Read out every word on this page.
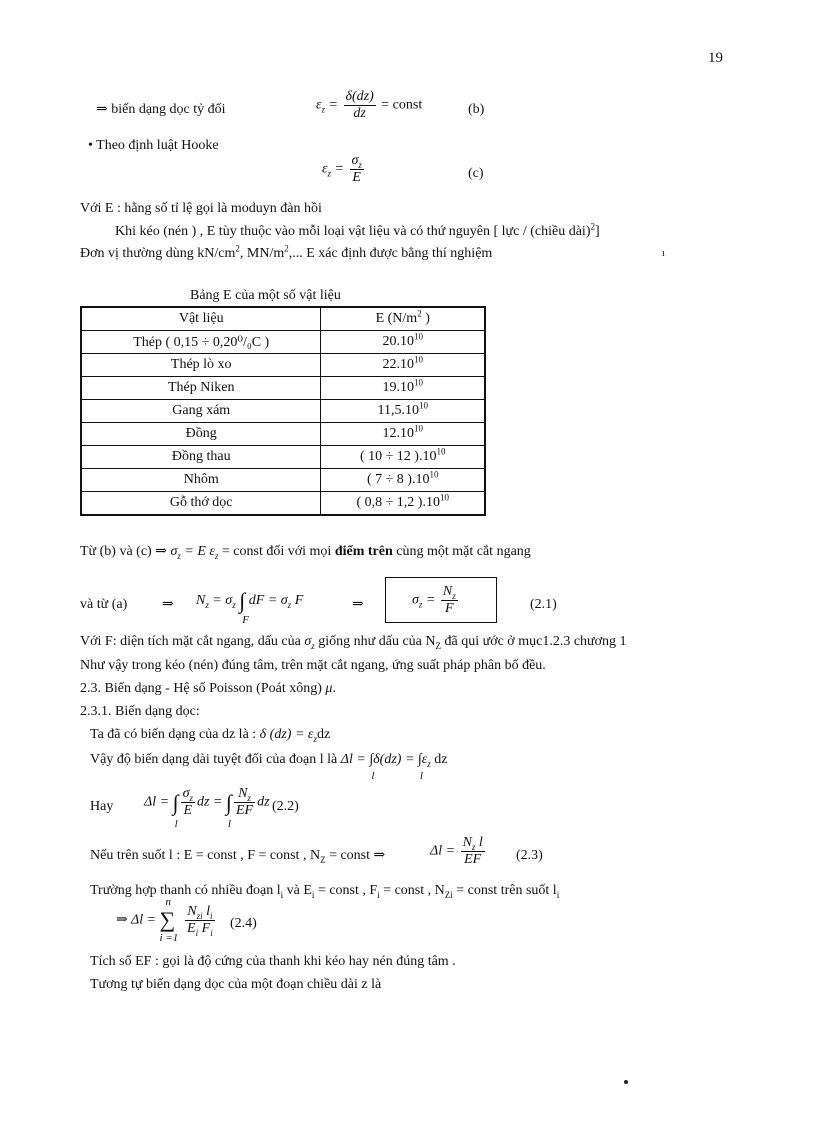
19
⇒ biến dạng dọc tỷ đối	$\varepsilon_z = \frac{\delta(dz)}{dz}$ = const	(b)
• Theo định luật Hooke
$\varepsilon_z = \frac{\sigma_z}{E}$	(c)
Với E : hằng số tỉ lệ gọi là moduyn đàn hồi
Khi kéo (nén ) , E tùy thuộc vào mỗi loại vật liệu và có thứ nguyên [ lực / (chiều dài)$^2$]
Đơn vị thường dùng $kN/cm^2$, $MN/m^2$,... E xác định được bằng thí nghiệm	ı
Bảng E của một số vật liệu
Vật liệu	E ($N/m^2$ )
Thép ( 0,15 ÷ 0,20⁰/₀C )	20.10$^{10}$
Thép lò xo	22.10$^{10}$
Thép Niken	19.10$^{10}$
Gang xám	11,5.10$^{10}$
Đồng	12.10$^{10}$
Đồng thau	( 10 ÷ 12 )$.10^{10}$
Nhôm	( 7 ÷ 8 )$.10^{10}$
Gỗ thớ dọc	( 0,8 ÷ 1,2 )$.10^{10}$
Từ (b) và (c) ⇒ $\sigma_z = E$ $\varepsilon_z$ = const đối với mọi điểm trên cùng một mặt cắt ngang
và từ (a) ⇒ $N_z = \sigma_z$ ∫
F
dF = $\sigma_z$ F	⇒	$\sigma_z = \frac{N_z}{F}$	(2.1)
Với F: diện tích mặt cắt ngang, dấu của $\sigma_z$ giống như dấu của $N_Z$ đã qui ước ở mục1.2.3 chương 1
Như vậy trong kéo (nén) đúng tâm, trên mặt cắt ngang, ứng suất pháp phân bố đều.
2.3. Biến dạng - Hệ số Poisson (Poát xông) μ.
2.3.1. Biến dạng dọc:
Ta đã có biến dạng của dz là : δ $(dz) = \varepsilon_zdz$
Vậy độ biến dạng dài tuyệt đối của đoạn l là Δl = ∫δ(dz) =
l
$\int\varepsilon_z$
l
dz
Hay Δl = ∫
l
$\frac{\sigma_z}{E}$ dz = ∫
l
$\frac{N_z}{EF}$ dz (2.2)
Nếu trên suốt l : E = const , F = const , $N_Z$ = const ⇒	$\Delta l = \frac{N_z l}{EF} (2.3)$
Trường hợp thanh có nhiều đoạn $l_i$ và $E_i$ = const , $F_i$ = const , $N_{Zi}$ = const trên suốt $l_i$
⇒ Δl =
n
∑
i =1

$\frac{N_{zi} l_i}{E_i F_i} (2.4)$
Tích số EF : gọi là độ cứng của thanh khi kéo hay nén đúng tâm .
Tương tự biến dạng dọc của một đoạn chiều dài z là
